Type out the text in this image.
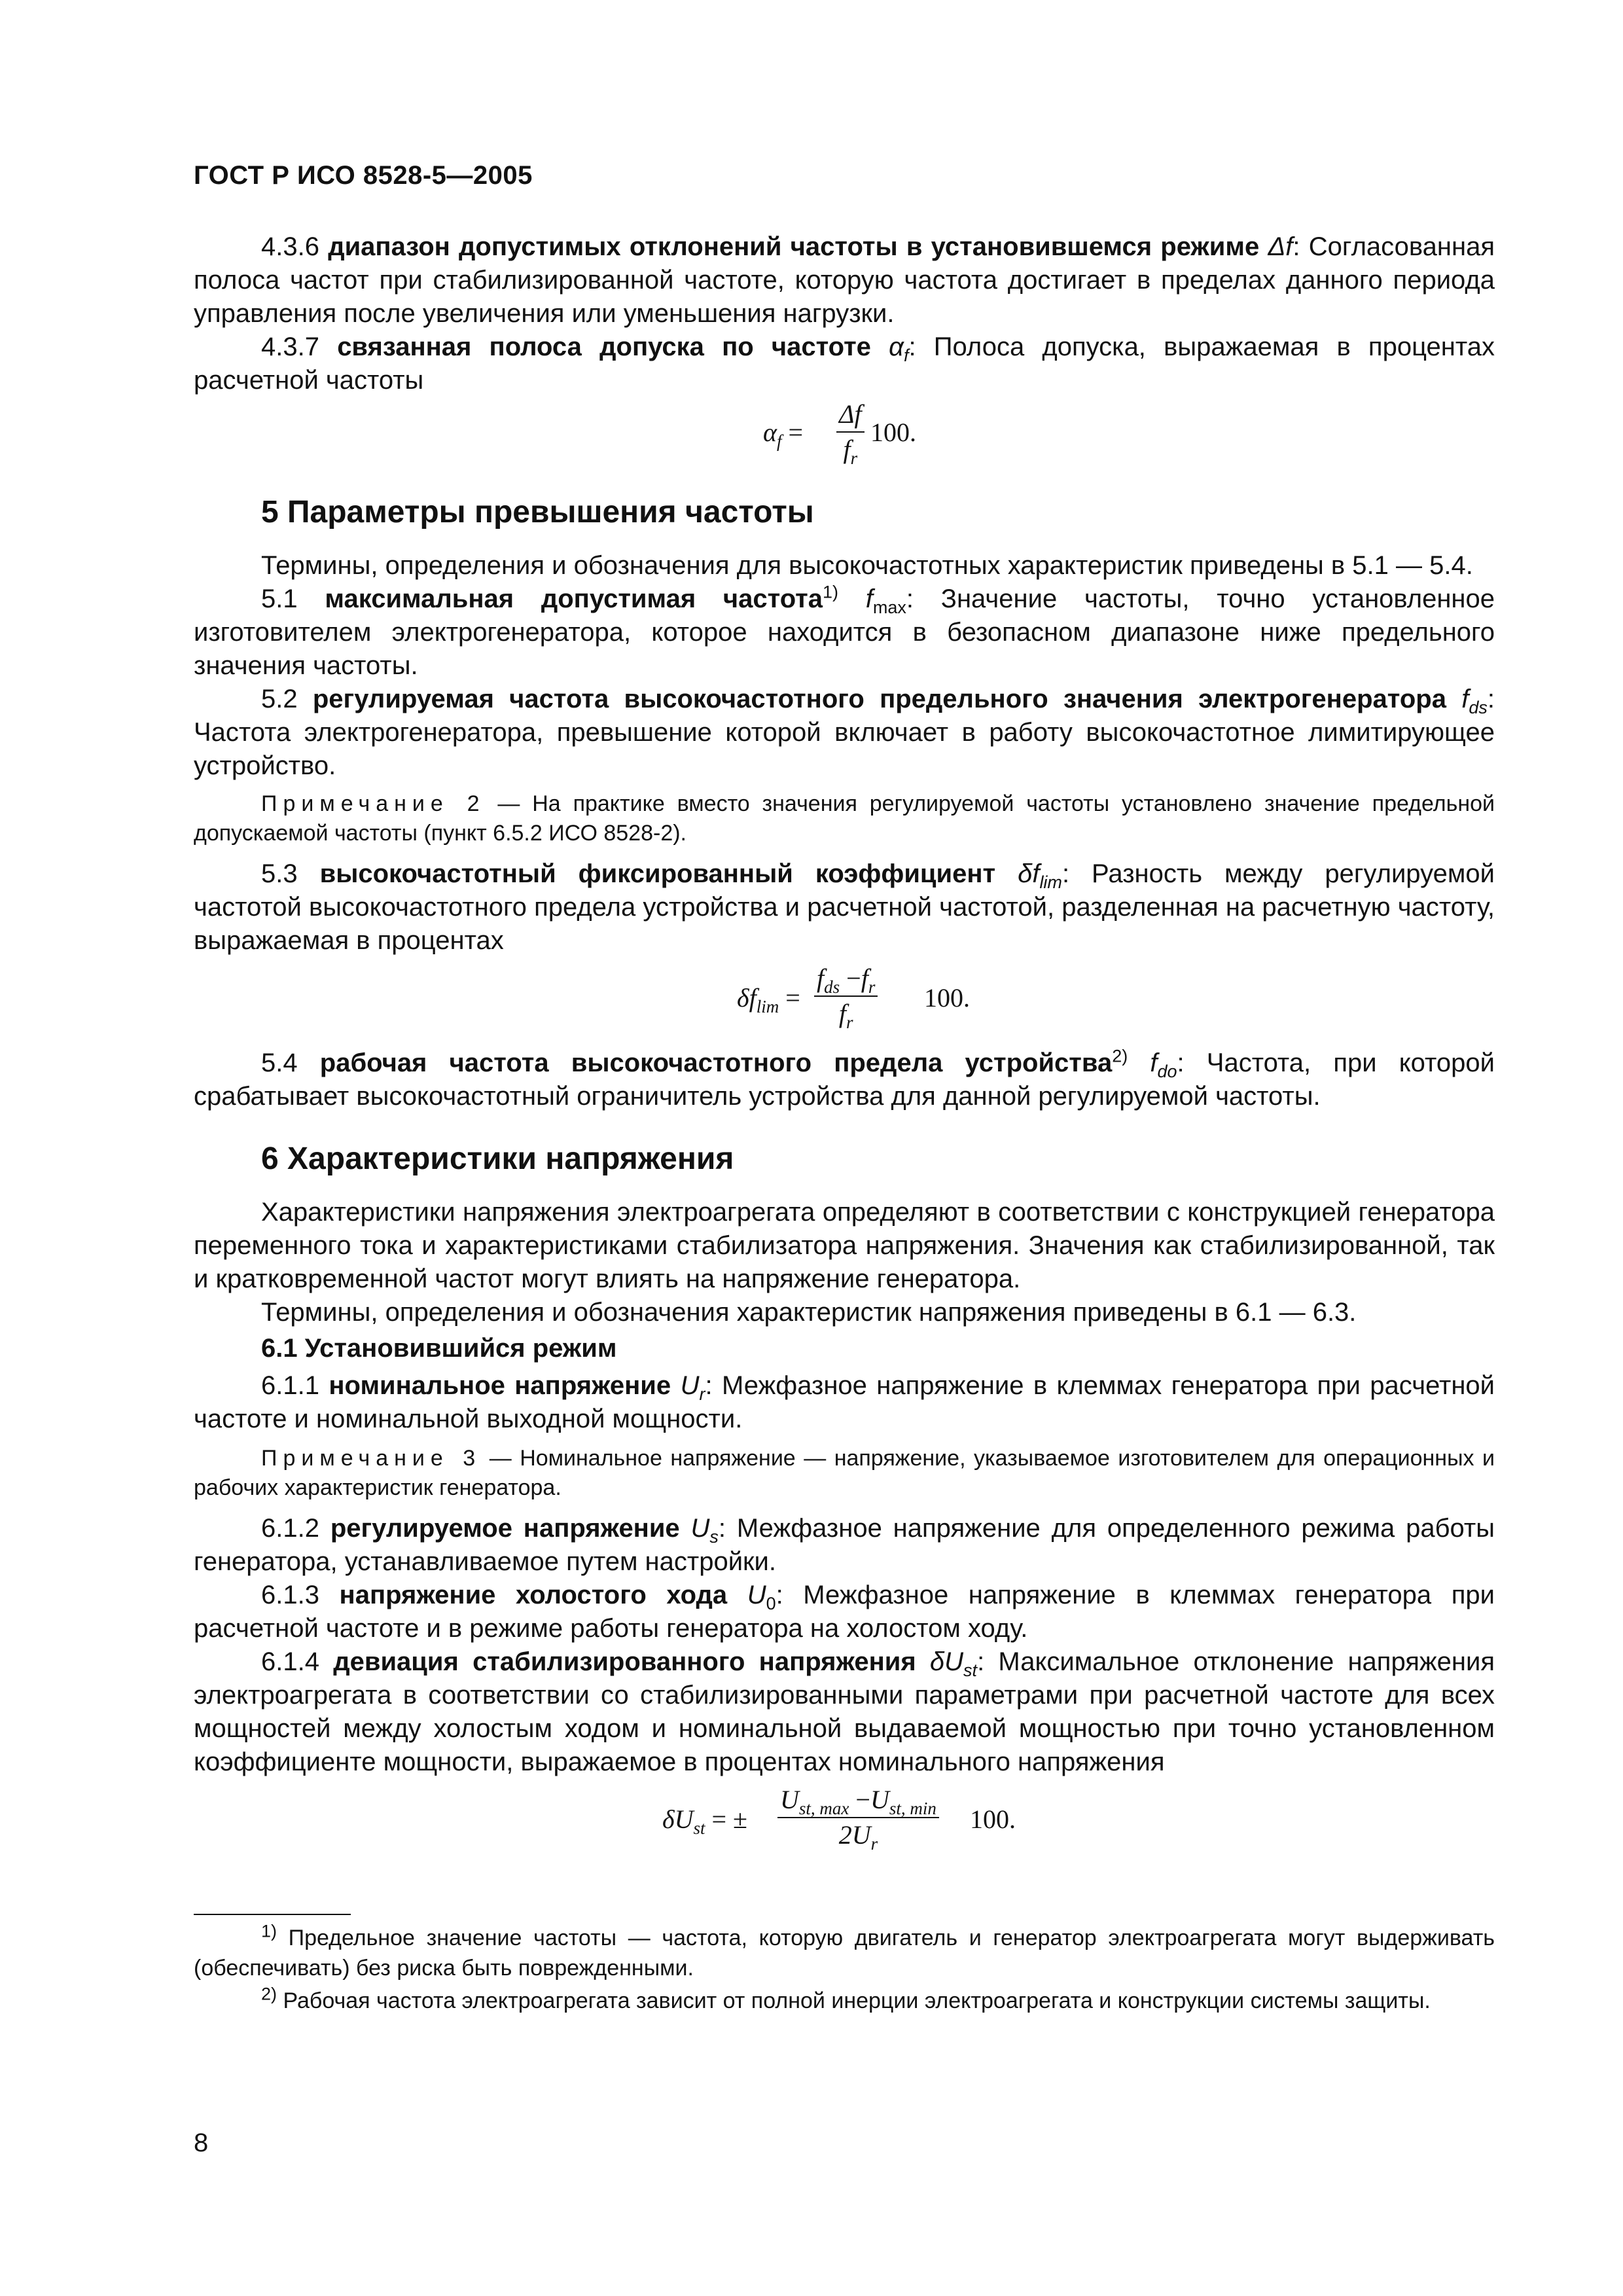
ГОСТ Р ИСО 8528-5—2005

4.3.6 диапазон допустимых отклонений частоты в установившемся режиме Δf: Согласованная полоса частот при стабилизированной частоте, которую частота достигает в пределах данного периода управления после увеличения или уменьшения нагрузки.

4.3.7 связанная полоса допуска по частоте $\alpha_f$: Полоса допуска, выражаемая в процентах расчетной частоты

$\alpha_f = \frac{\Delta f}{f_r} 100$.
5 Параметры превышения частоты

Термины, определения и обозначения для высокочастотных характеристик приведены в 5.1 — 5.4.

5.1 максимальная допустимая частота$^{1)}$ $f_{max}$: Значение частоты, точно установленное изготовителем электрогенератора, которое находится в безопасном диапазоне ниже предельного значения частоты.

5.2 регулируемая частота высокочастотного предельного значения электрогенератора $f_{ds}$: Частота электрогенератора, превышение которой включает в работу высокочастотное лимитирующее устройство.

Примечание 2 — На практике вместо значения регулируемой частоты установлено значение предельной допускаемой частоты (пункт 6.5.2 ИСО 8528-2).

5.3 высокочастотный фиксированный коэффициент $\delta f_{lim}$: Разность между регулируемой частотой высокочастотного предела устройства и расчетной частотой, разделенная на расчетную частоту, выражаемая в процентах

$\delta f_{lim}$ =
$f_{ds} -f_r$
$f_r$
100.

5.4 рабочая частота высокочастотного предела устройства$^{2)}$ $f_{do}$: Частота, при которой срабатывает высокочастотный ограничитель устройства для данной регулируемой частоты.

6 Характеристики напряжения

Характеристики напряжения электроагрегата определяют в соответствии с конструкцией генератора переменного тока и характеристиками стабилизатора напряжения. Значения как стабилизированной, так и кратковременной частот могут влиять на напряжение генератора.

Термины, определения и обозначения характеристик напряжения приведены в 6.1 — 6.3.

6.1 Установившийся режим

6.1.1 номинальное напряжение $U_r$: Межфазное напряжение в клеммах генератора при расчетной частоте и номинальной выходной мощности.

Примечание 3 — Номинальное напряжение — напряжение, указываемое изготовителем для операционных и рабочих характеристик генератора.

6.1.2 регулируемое напряжение $U_s$: Межфазное напряжение для определенного режима работы генератора, устанавливаемое путем настройки.

6.1.3 напряжение холостого хода $U_0$: Межфазное напряжение в клеммах генератора при расчетной частоте и в режиме работы генератора на холостом ходу.

6.1.4 девиация стабилизированного напряжения $\delta U_{st}$: Максимальное отклонение напряжения электроагрегата в соответствии со стабилизированными параметрами при расчетной частоте для всех мощностей между холостым ходом и номинальной выдаваемой мощностью при точно установленном коэффициенте мощности, выражаемое в процентах номинального напряжения

$\delta U_{st}$ = ±
$U_{st, max} -U_{st, min}$
$2U_r$
100.
$^{1)}$ Предельное значение частоты — частота, которую двигатель и генератор электроагрегата могут выдерживать (обеспечивать) без риска быть поврежденными.
$^{2)}$ Рабочая частота электроагрегата зависит от полной инерции электроагрегата и конструкции системы защиты.
8
